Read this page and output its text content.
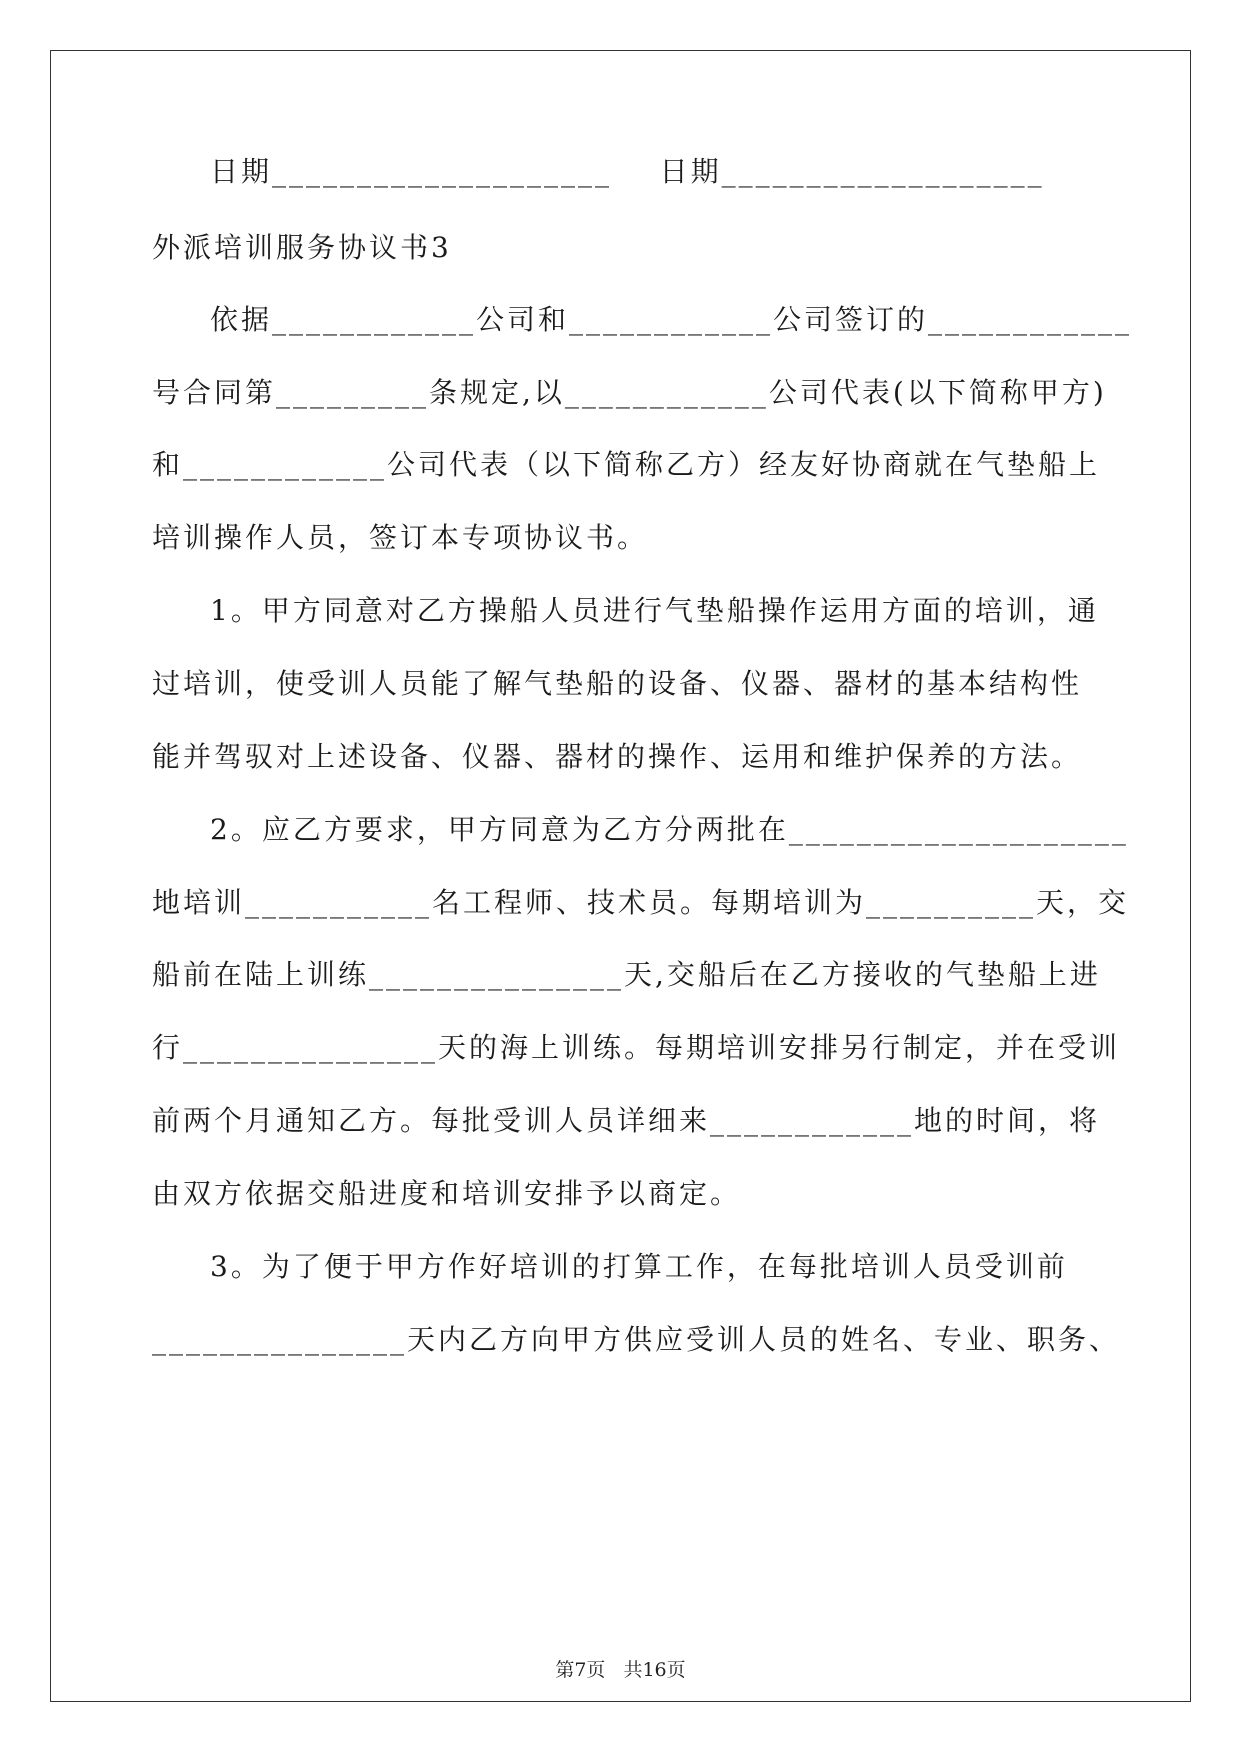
日期____________________    日期___________________
外派培训服务协议书3
依据____________公司和____________公司签订的____________
号合同第_________条规定,以____________公司代表(以下简称甲方)
和____________公司代表（以下简称乙方）经友好协商就在气垫船上
培训操作人员，签订本专项协议书。
1。甲方同意对乙方操船人员进行气垫船操作运用方面的培训，通
过培训，使受训人员能了解气垫船的设备、仪器、器材的基本结构性
能并驾驭对上述设备、仪器、器材的操作、运用和维护保养的方法。
2。应乙方要求，甲方同意为乙方分两批在____________________
地培训___________名工程师、技术员。每期培训为__________天，交
船前在陆上训练_______________天,交船后在乙方接收的气垫船上进
行_______________天的海上训练。每期培训安排另行制定，并在受训
前两个月通知乙方。每批受训人员详细来____________地的时间，将
由双方依据交船进度和培训安排予以商定。
3。为了便于甲方作好培训的打算工作，在每批培训人员受训前
_______________天内乙方向甲方供应受训人员的姓名、专业、职务、
第7页 共16页
